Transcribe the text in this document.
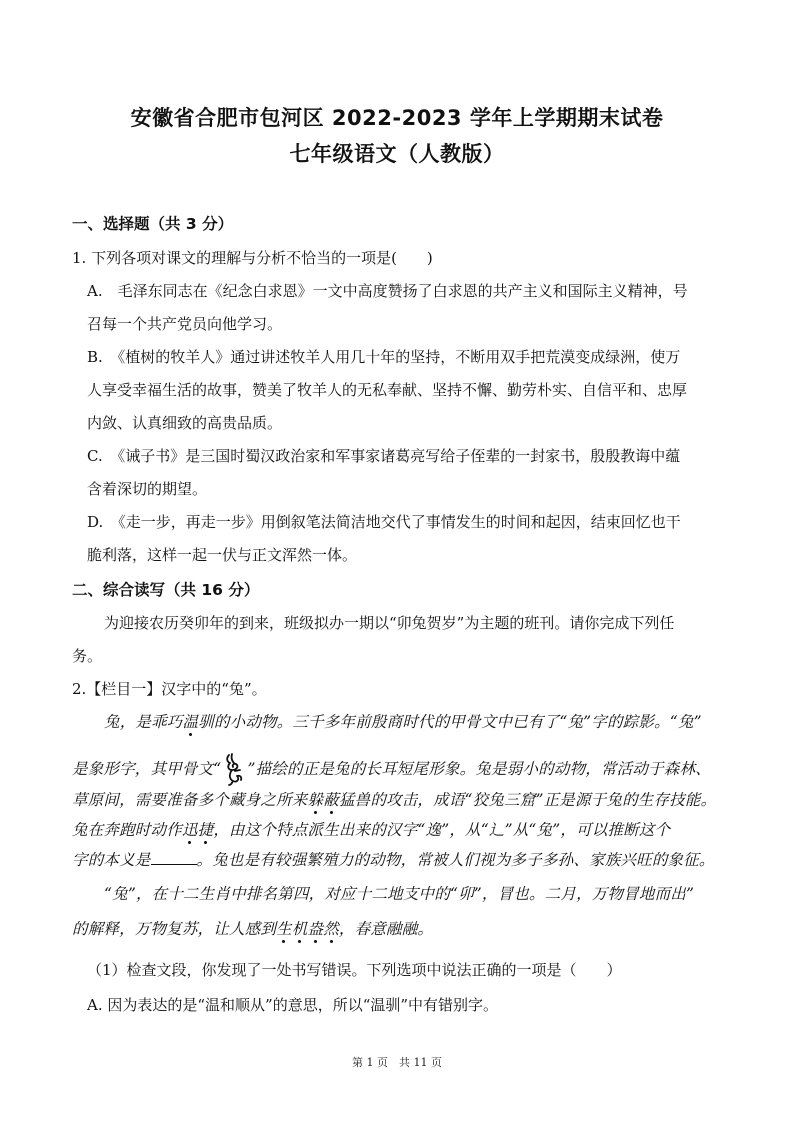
安徽省合肥市包河区 2022-2023 学年上学期期末试卷
七年级语文（人教版）
一、选择题（共 3 分）
1. 下列各项对课文的理解与分析不恰当的一项是(　　)
A.　毛泽东同志在《纪念白求恩》一文中高度赞扬了白求恩的共产主义和国际主义精神，号
召每一个共产党员向他学习。
B.　《植树的牧羊人》通过讲述牧羊人用几十年的坚持，不断用双手把荒漠变成绿洲，使万
人享受幸福生活的故事，赞美了牧羊人的无私奉献、坚持不懈、勤劳朴实、自信平和、忠厚
内敛、认真细致的高贵品质。
C.　《诫子书》是三国时蜀汉政治家和军事家诸葛亮写给子侄辈的一封家书，殷殷教诲中蕴
含着深切的期望。
D.　《走一步，再走一步》用倒叙笔法简洁地交代了事情发生的时间和起因，结束回忆也干
脆利落，这样一起一伏与正文浑然一体。
二、综合读写（共 16 分）
为迎接农历癸卯年的到来，班级拟办一期以“卯兔贺岁”为主题的班刊。请你完成下列任
务。
2.【栏目一】汉字中的“兔”。
兔，是乖巧温驯的小动物。三千多年前殷商时代的甲骨文中已有了“兔”字的踪影。“兔”
是象形字，其甲骨文“ ”描绘的正是兔的长耳短尾形象。兔是弱小的动物，常活动于森林、
草原间，需要准备多个藏身之所来躲蔽猛兽的攻击，成语“狡兔三窟”正是源于兔的生存技能。
兔在奔跑时动作迅捷，由这个特点派生出来的汉字“逸”，从“辶”从“兔”，可以推断这个
字的本义是	。兔也是有较强繁殖力的动物，常被人们视为多子多孙、家族兴旺的象征。
“兔”，在十二生肖中排名第四，对应十二地支中的“卯”，冒也。二月，万物冒地而出”
的解释，万物复苏，让人感到生机盎然，春意融融。
（1）检查文段，你发现了一处书写错误。下列选项中说法正确的一项是（　　）
A. 因为表达的是“温和顺从”的意思，所以“温驯”中有错别字。
第 1 页　共 11 页
